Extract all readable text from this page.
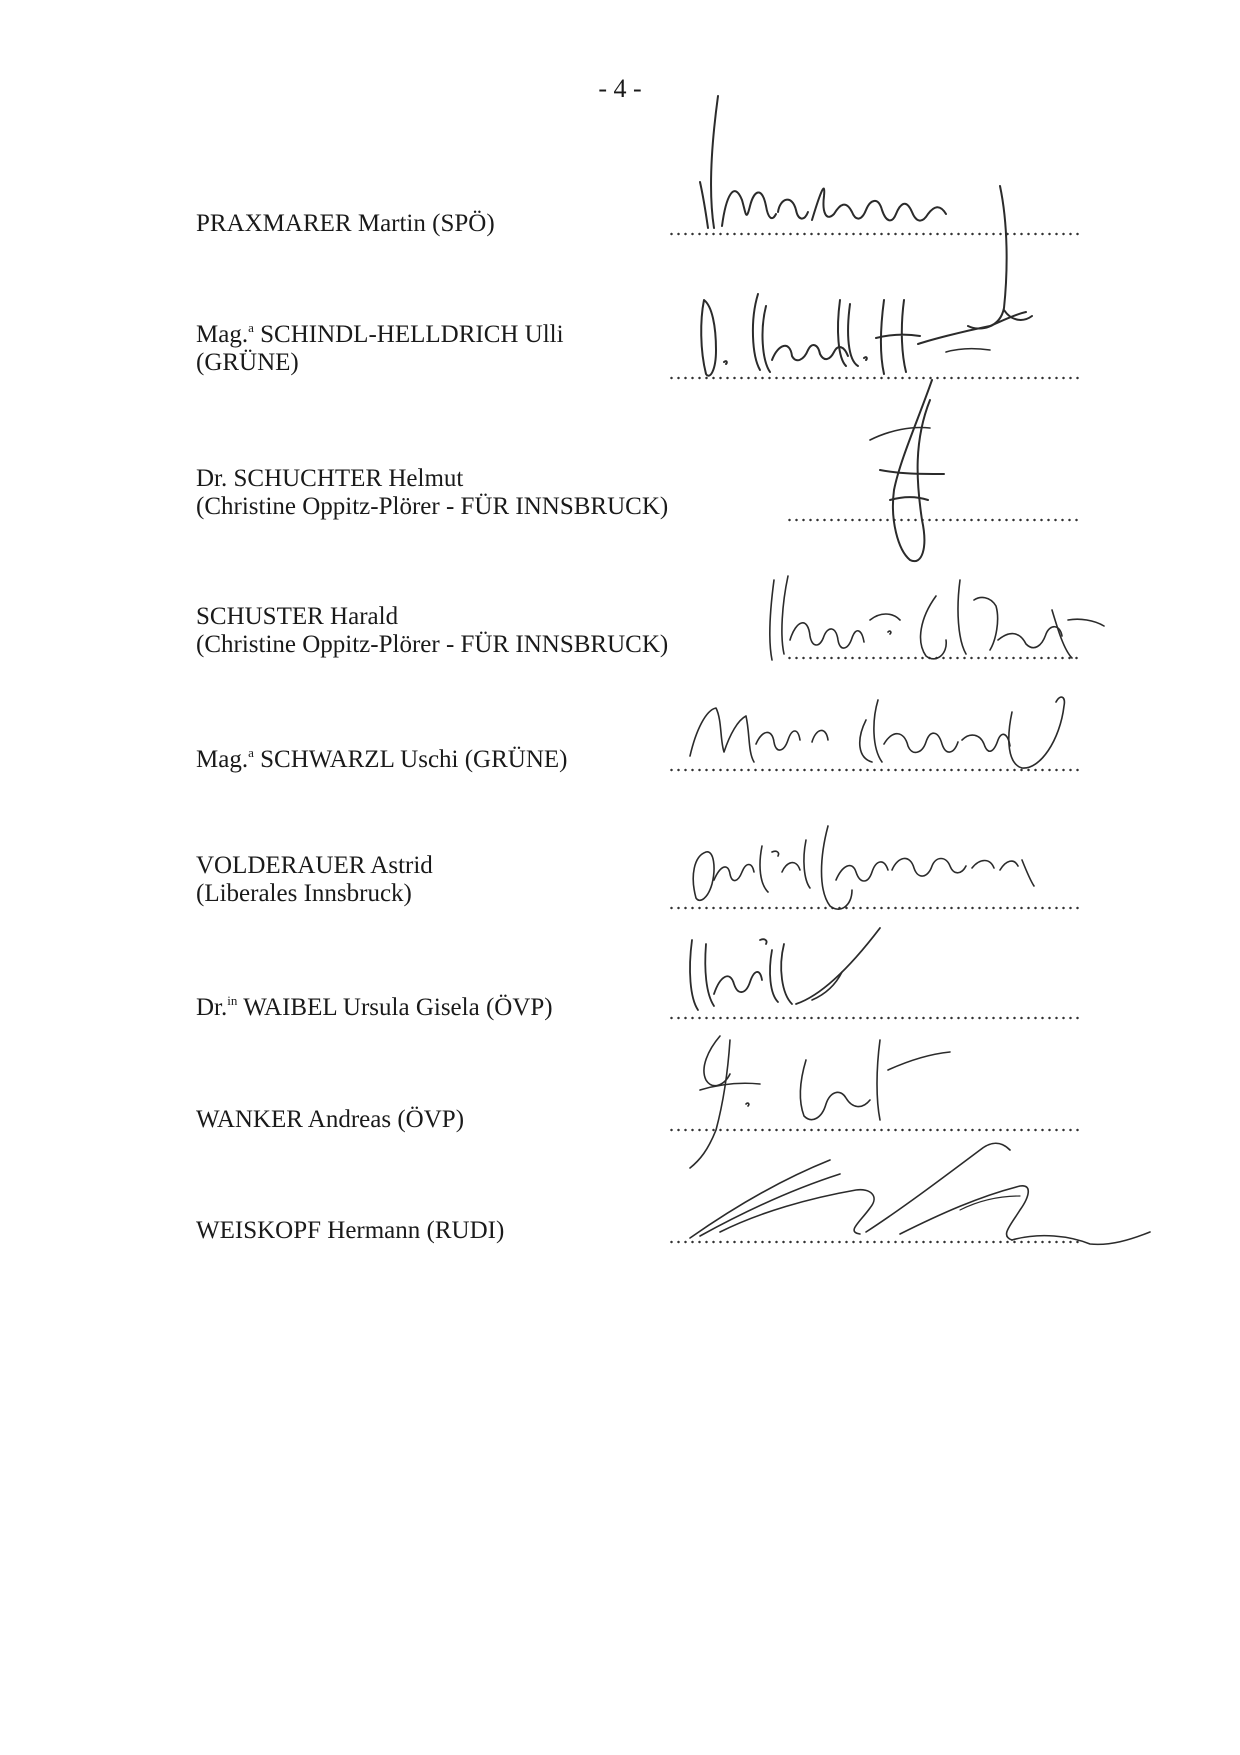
- 4 -
PRAXMARER Martin (SPÖ)
Mag.$^a$ SCHINDL-HELLDRICH Ulli
(GRÜNE)
Dr. SCHUCHTER Helmut
(Christine Oppitz-Plörer - FÜR INNSBRUCK)
SCHUSTER Harald
(Christine Oppitz-Plörer - FÜR INNSBRUCK)
Mag.$^a$ SCHWARZL Uschi (GRÜNE)
VOLDERAUER Astrid
(Liberales Innsbruck)
Dr.$^{in}$ WAIBEL Ursula Gisela (ÖVP)
WANKER Andreas (ÖVP)
WEISKOPF Hermann (RUDI)
